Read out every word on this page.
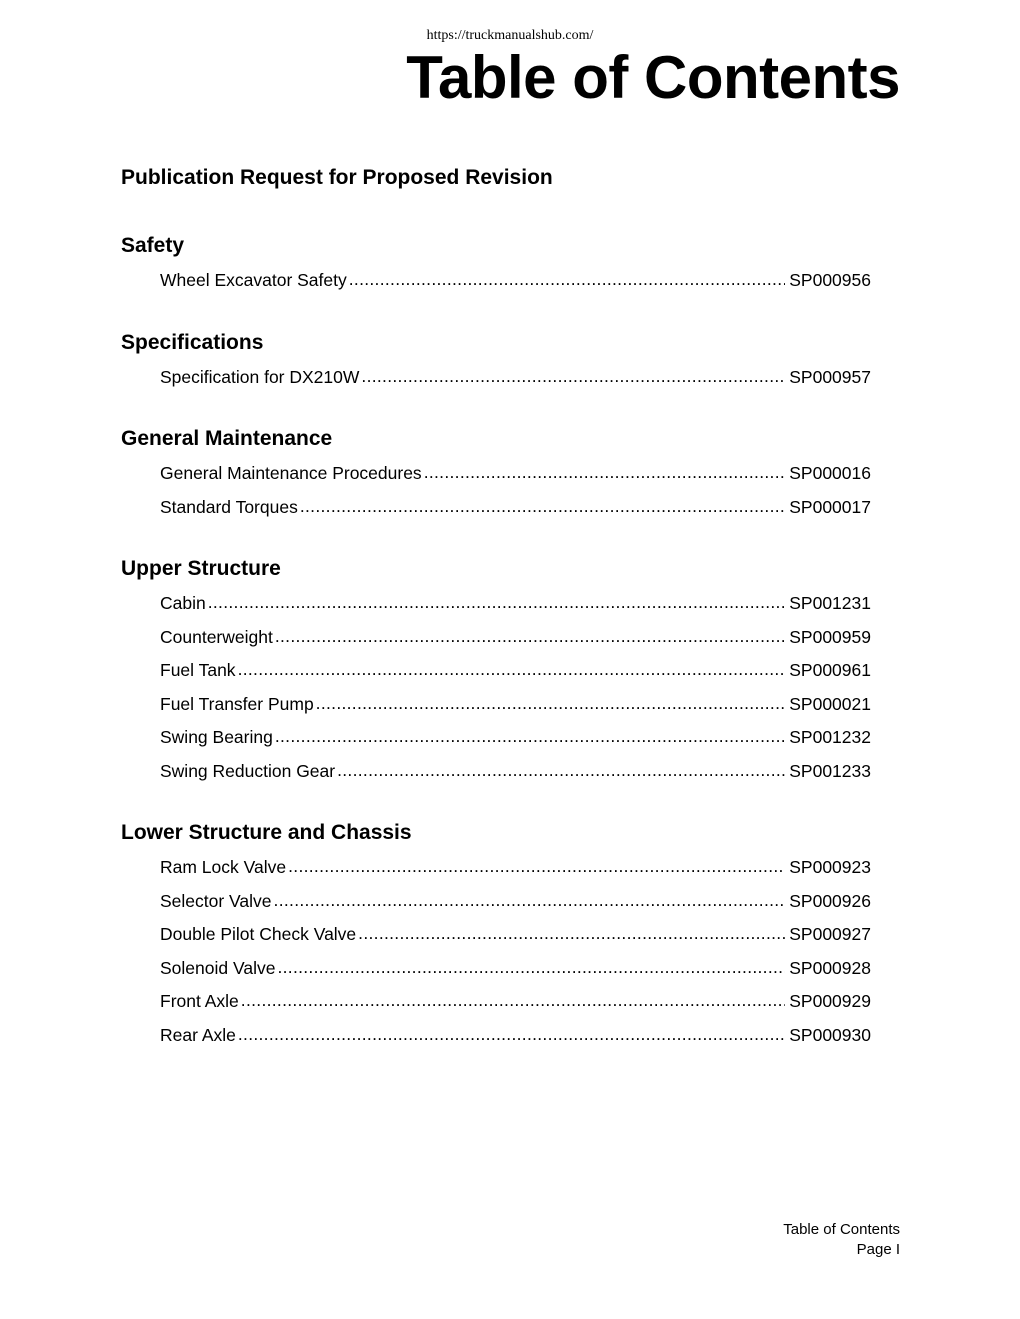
https://truckmanualshub.com/
Table of Contents
Publication Request for Proposed Revision
Safety
Wheel Excavator Safety .....	SP000956
Specifications
Specification for DX210W .....	SP000957
General Maintenance
General Maintenance Procedures .....	SP000016
Standard Torques .....	SP000017
Upper Structure
Cabin .....	SP001231
Counterweight .....	SP000959
Fuel Tank .....	SP000961
Fuel Transfer Pump .....	SP000021
Swing Bearing .....	SP001232
Swing Reduction Gear .....	SP001233
Lower Structure and Chassis
Ram Lock Valve .....	SP000923
Selector Valve .....	SP000926
Double Pilot Check Valve .....	SP000927
Solenoid Valve .....	SP000928
Front Axle .....	SP000929
Rear Axle .....	SP000930
Table of Contents
Page I
